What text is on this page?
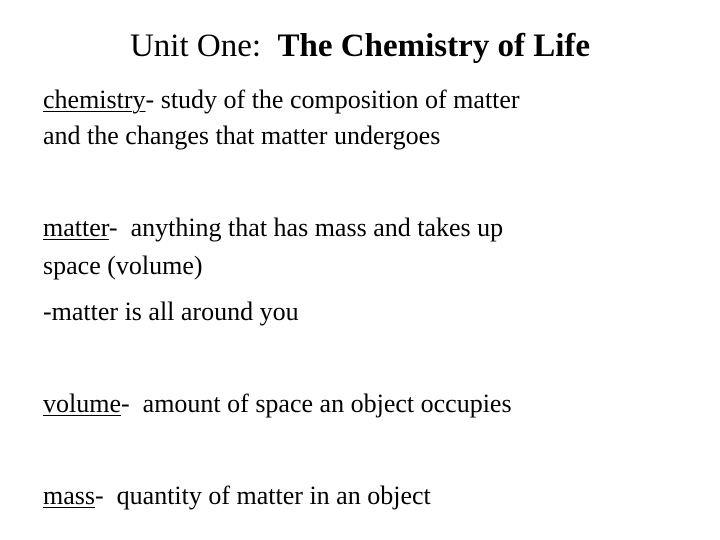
Unit One: The Chemistry of Life
chemistry- study of the composition of matter
and the changes that matter undergoes
matter-  anything that has mass and takes up
space (volume)
-matter is all around you
volume-  amount of space an object occupies
mass-  quantity of matter in an object
